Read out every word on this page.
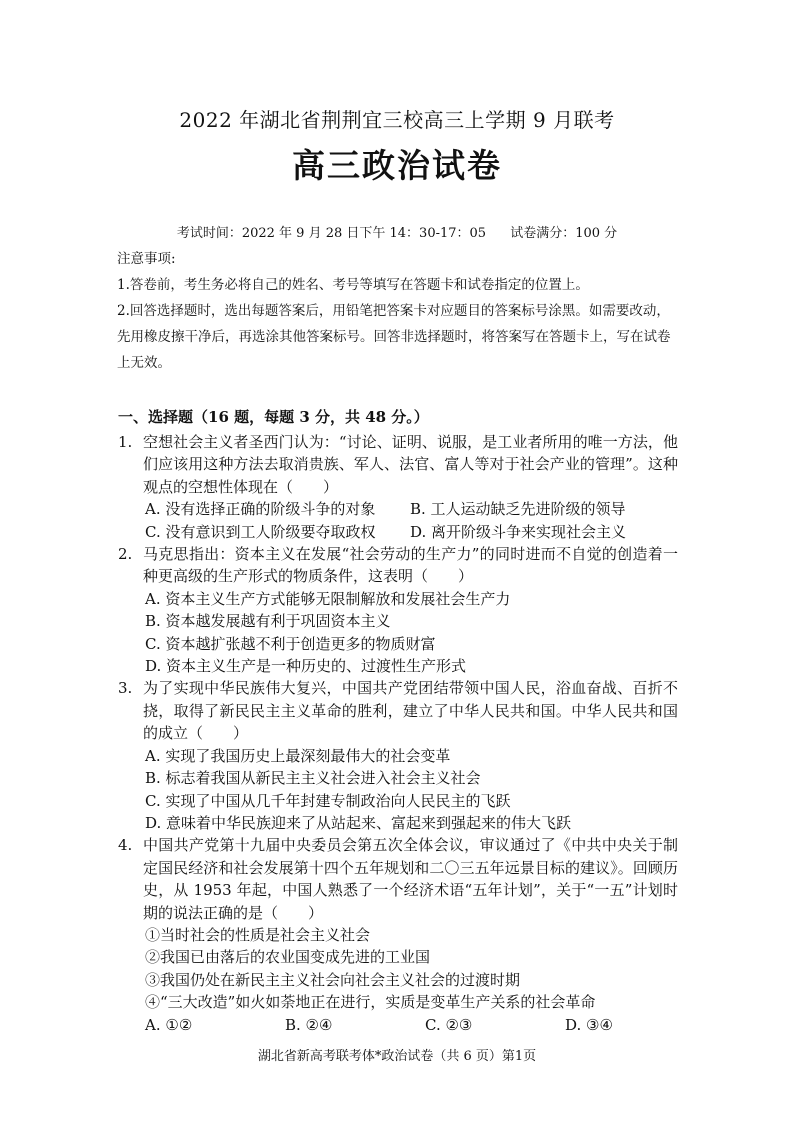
2022 年湖北省荆荆宜三校高三上学期 9 月联考
高三政治试卷
考试时间：2022 年 9 月 28 日下午 14：30-17：05 试卷满分：100 分

注意事项:

1.答卷前，考生务必将自己的姓名、考号等填写在答题卡和试卷指定的位置上。

2.回答选择题时，选出每题答案后，用铅笔把答案卡对应题目的答案标号涂黑。如需要改动，先用橡皮擦干净后，再选涂其他答案标号。回答非选择题时，将答案写在答题卡上，写在试卷上无效。

一、选择题（16 题，每题 3 分，共 48 分。）
1. 空想社会主义者圣西门认为：“讨论、证明、说服，是工业者所用的唯一方法，他们应该用这种方法去取消贵族、军人、法官、富人等对于社会产业的管理”。这种观点的空想性体现在（　　）
A. 没有选择正确的阶级斗争的对象	B. 工人运动缺乏先进阶级的领导
C. 没有意识到工人阶级要夺取政权	D. 离开阶级斗争来实现社会主义
2. 马克思指出：资本主义在发展“社会劳动的生产力”的同时进而不自觉的创造着一种更高级的生产形式的物质条件，这表明（　　）
A. 资本主义生产方式能够无限制解放和发展社会生产力
B. 资本越发展越有利于巩固资本主义
C. 资本越扩张越不利于创造更多的物质财富
D. 资本主义生产是一种历史的、过渡性生产形式
3. 为了实现中华民族伟大复兴，中国共产党团结带领中国人民，浴血奋战、百折不挠，取得了新民民主主义革命的胜利，建立了中华人民共和国。中华人民共和国的成立（　　）
A. 实现了我国历史上最深刻最伟大的社会变革
B. 标志着我国从新民主主义社会进入社会主义社会
C. 实现了中国从几千年封建专制政治向人民民主的飞跃
D. 意味着中华民族迎来了从站起来、富起来到强起来的伟大飞跃
4. 中国共产党第十九届中央委员会第五次全体会议，审议通过了《中共中央关于制定国民经济和社会发展第十四个五年规划和二〇三五年远景目标的建议》。回顾历史，从 1953 年起，中国人熟悉了一个经济术语“五年计划”，关于“一五”计划时期的说法正确的是（　　）
①当时社会的性质是社会主义社会
②我国已由落后的农业国变成先进的工业国
③我国仍处在新民主主义社会向社会主义社会的过渡时期
④“三大改造”如火如荼地正在进行，实质是变革生产关系的社会革命
A. ①②	B. ②④	C. ②③	D. ③④
湖北省新高考联考体*政治试卷（共 6 页）第1页
